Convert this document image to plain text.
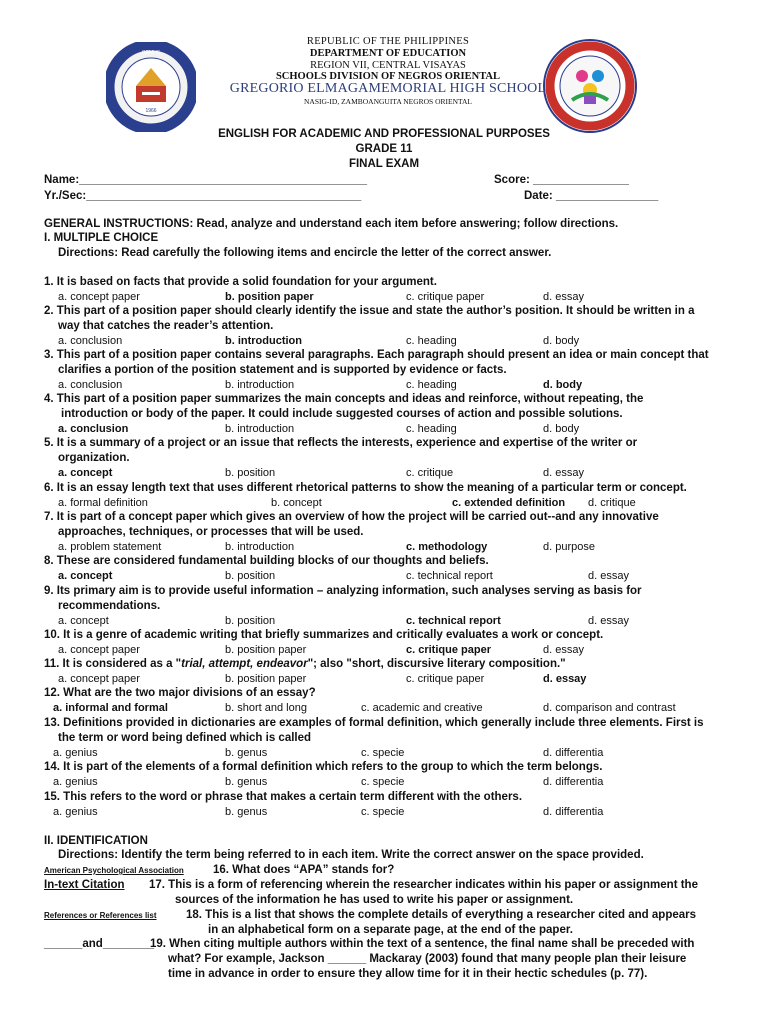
1966
GEMHS
REPUBLIC OF THE PHILIPPINES
DEPARTMENT OF EDUCATION
REGION VII, CENTRAL VISAYAS
SCHOOLS DIVISION OF NEGROS ORIENTAL
GREGORIO ELMAGAMEMORIAL HIGH SCHOOL
NASIG-ID, ZAMBOANGUITA NEGROS ORIENTAL
ENGLISH FOR ACADEMIC AND PROFESSIONAL PURPOSES
GRADE 11
FINAL EXAM
Name:_____________________________________________	Score: _______________
Yr./Sec:___________________________________________	Date: ________________
GENERAL INSTRUCTIONS: Read, analyze and understand each item before answering; follow directions.
I. MULTIPLE CHOICE
Directions: Read carefully the following items and encircle the letter of the correct answer.
1. It is based on facts that provide a solid foundation for your argument.
a. concept paper	b. position paper	c. critique paper	d. essay
2. This part of a position paper should clearly identify the issue and state the author’s position. It should be written in a
way that catches the reader’s attention.
a. conclusion	b. introduction	c. heading	d. body
3. This part of a position paper contains several paragraphs. Each paragraph should present an idea or main concept that
clarifies a portion of the position statement and is supported by evidence or facts.
a. conclusion	b. introduction	c. heading	d. body
4. This part of a position paper summarizes the main concepts and ideas and reinforce, without repeating, the
introduction or body of the paper. It could include suggested courses of action and possible solutions.
a. conclusion	b. introduction	c. heading	d. body
5. It is a summary of a project or an issue that reflects the interests, experience and expertise of the writer or
organization.
a. concept	b. position	c. critique	d. essay
6. It is an essay length text that uses different rhetorical patterns to show the meaning of a particular term or concept.
a. formal definition	b. concept	c. extended definition d. critique
7. It is part of a concept paper which gives an overview of how the project will be carried out--and any innovative
approaches, techniques, or processes that will be used.
a. problem statement	b. introduction	c. methodology	d. purpose
8. These are considered fundamental building blocks of our thoughts and beliefs.
a. concept	b. position	c. technical report	d. essay
9. Its primary aim is to provide useful information – analyzing information, such analyses serving as basis for
recommendations.
a. concept	b. position	c. technical report	d. essay
10. It is a genre of academic writing that briefly summarizes and critically evaluates a work or concept.
a. concept paper	b. position paper	c. critique paper	d. essay
11. It is considered as a "trial, attempt, endeavor"; also "short, discursive literary composition."
a. concept paper	b. position paper	c. critique paper	d. essay
12. What are the two major divisions of an essay?
a. informal and formal	b. short and long	c. academic and creative	d. comparison and contrast
13. Definitions provided in dictionaries are examples of formal definition, which generally include three elements. First is
the term or word being defined which is called
a. genius	b. genus	c. specie	d. differentia
14. It is part of the elements of a formal definition which refers to the group to which the term belongs.
a. genius	b. genus	c. specie	d. differentia
15. This refers to the word or phrase that makes a certain term different with the others.
a. genius	b. genus	c. specie	d. differentia
II. IDENTIFICATION
Directions: Identify the term being referred to in each item. Write the correct answer on the space provided.
American Psychological Association	16. What does “APA” stands for?
In-text Citation 17. This is a form of referencing wherein the researcher indicates within his paper or assignment the
sources of the information he has used to write his paper or assignment.
References or References list	18. This is a list that shows the complete details of everything a researcher cited and appears
in an alphabetical form on a separate page, at the end of the paper.
______and________
19. When citing multiple authors within the text of a sentence, the final name shall be preceded with
what? For example, Jackson ______ Mackaray (2003) found that many people plan their leisure
time in advance in order to ensure they allow time for it in their hectic schedules (p. 77).
